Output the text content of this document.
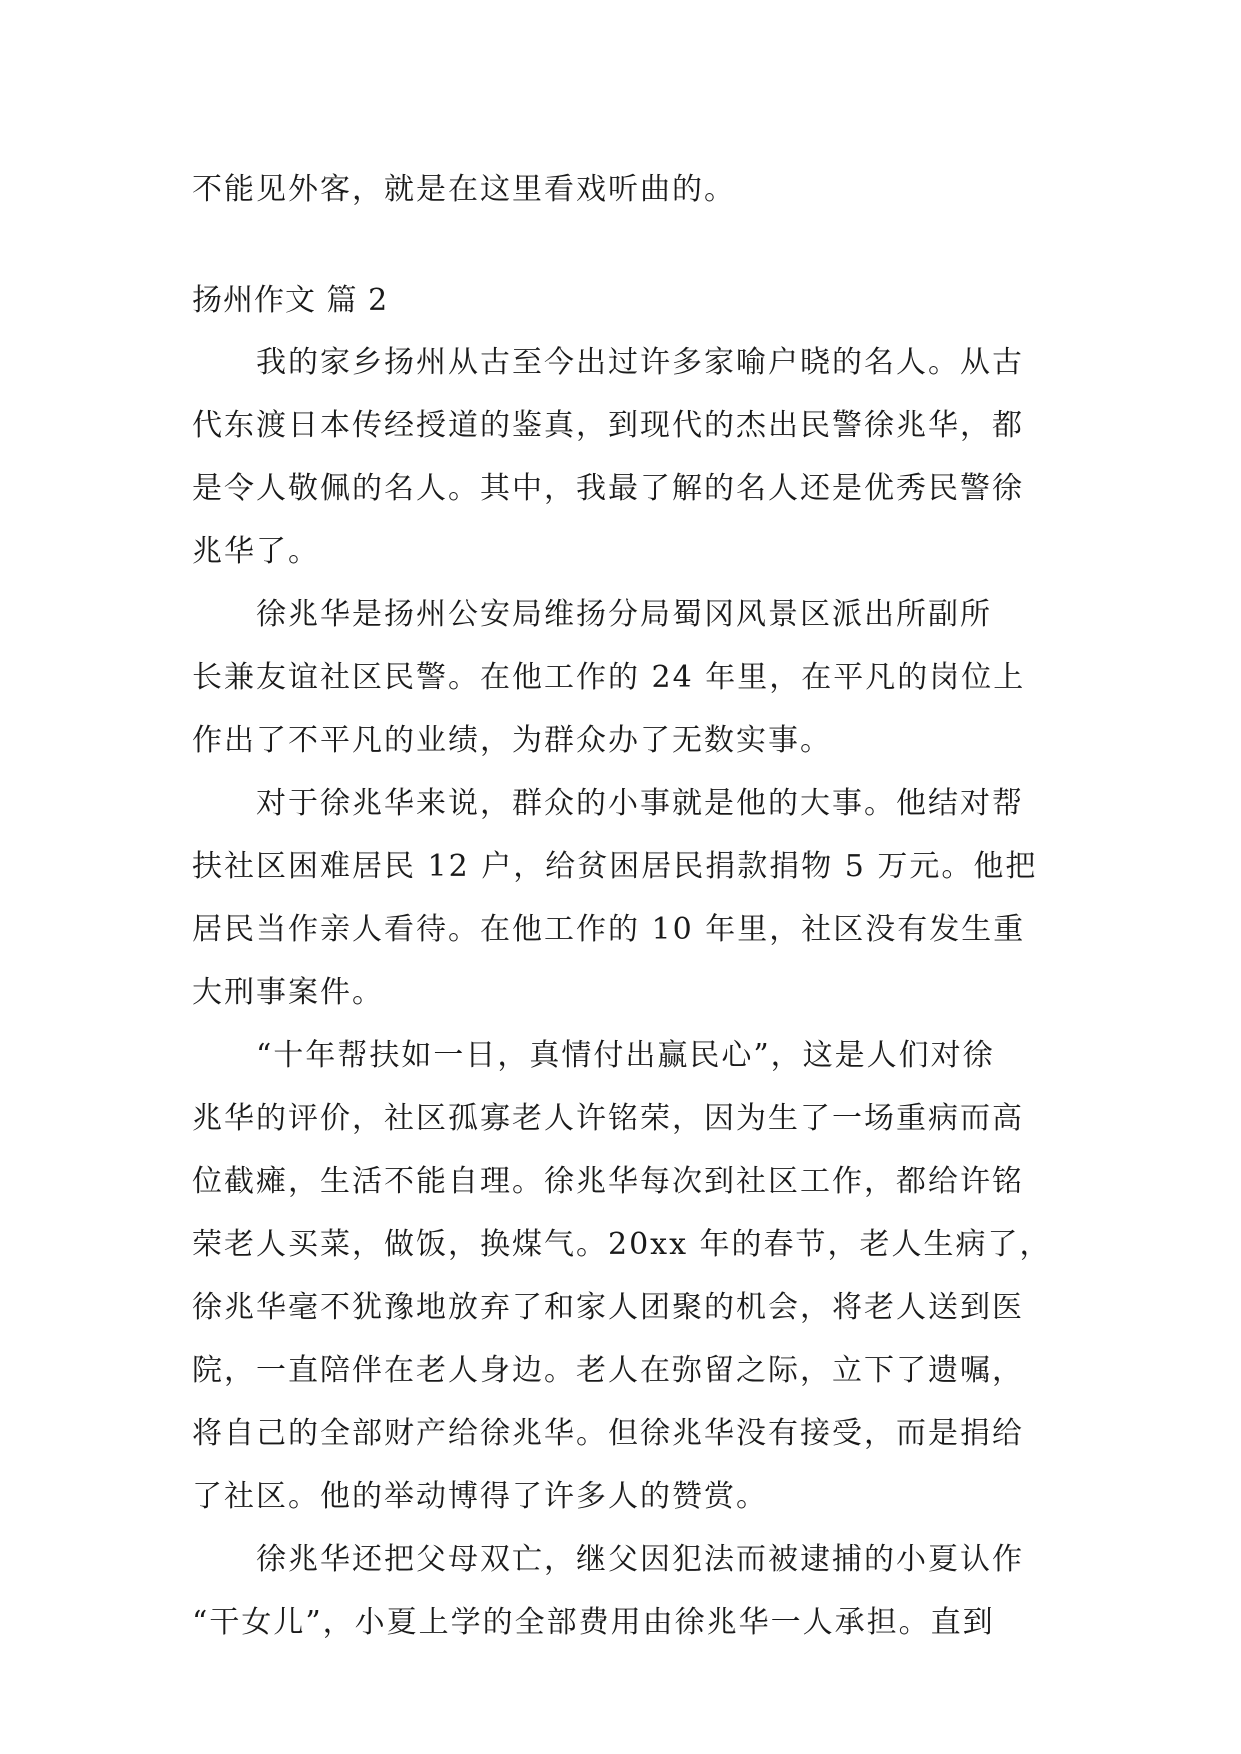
不能见外客，就是在这里看戏听曲的。
扬州作文 篇 2
我的家乡扬州从古至今出过许多家喻户晓的名人。从古
代东渡日本传经授道的鉴真，到现代的杰出民警徐兆华，都
是令人敬佩的名人。其中，我最了解的名人还是优秀民警徐
兆华了。
徐兆华是扬州公安局维扬分局蜀冈风景区派出所副所
长兼友谊社区民警。在他工作的 24 年里，在平凡的岗位上
作出了不平凡的业绩，为群众办了无数实事。
对于徐兆华来说，群众的小事就是他的大事。他结对帮
扶社区困难居民 12 户，给贫困居民捐款捐物 5 万元。他把
居民当作亲人看待。在他工作的 10 年里，社区没有发生重
大刑事案件。
“十年帮扶如一日，真情付出赢民心”，这是人们对徐
兆华的评价，社区孤寡老人许铭荣，因为生了一场重病而高
位截瘫，生活不能自理。徐兆华每次到社区工作，都给许铭
荣老人买菜，做饭，换煤气。20xx 年的春节，老人生病了，
徐兆华毫不犹豫地放弃了和家人团聚的机会，将老人送到医
院，一直陪伴在老人身边。老人在弥留之际，立下了遗嘱，
将自己的全部财产给徐兆华。但徐兆华没有接受，而是捐给
了社区。他的举动博得了许多人的赞赏。
徐兆华还把父母双亡，继父因犯法而被逮捕的小夏认作
“干女儿”，小夏上学的全部费用由徐兆华一人承担。直到
